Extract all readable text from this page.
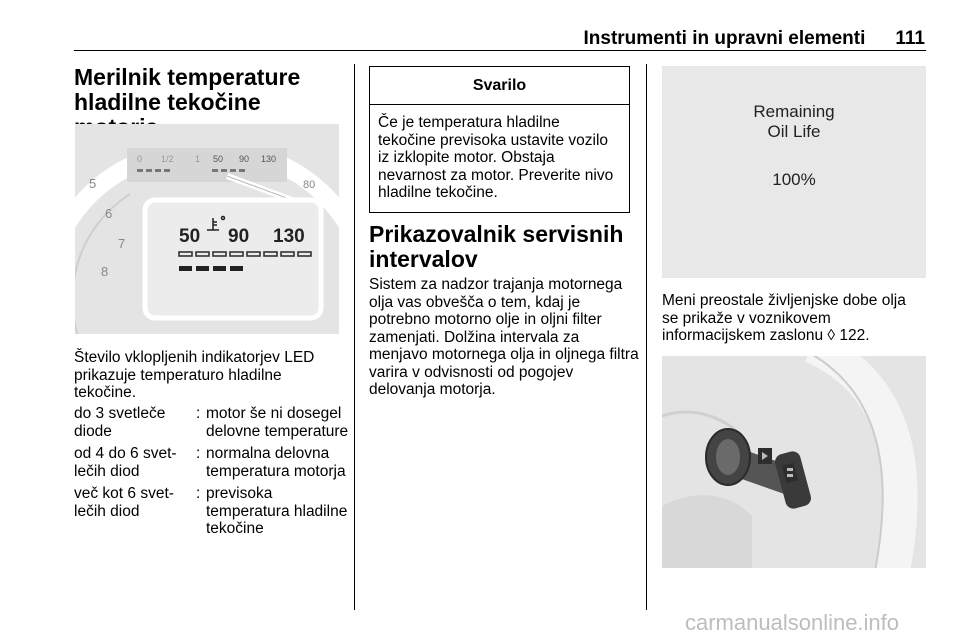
Instrumenti in upravni elementi 111
Merilnik temperature
hladilne tekočine
5
6
7
8
80
0 1/2 1 50 90 130
50 90 130

Število vklopljenih indikatorjev LED prikazuje temperaturo hladilne tekočine.

do 3 svetleče diode	:	motor še ni dosegel delovne temperature
od 4 do 6 svetlečih diod	:	normalna delovna temperatura motorja
več kot 6 svetlečih diod	:	previsoka temperatura hladilne tekočine
Svarilo
Če je temperatura hladilne tekočine previsoka ustavite vozilo iz izklopite motor. Obstaja nevarnost za motor. Preverite nivo hladilne tekočine.
Prikazovalnik servisnih
intervalov

Sistem za nadzor trajanja motornega olja vas obvešča o tem, kdaj je potrebno motorno olje in oljni filter zamenjati. Dolžina intervala za menjavo motornega olja in oljnega filtra varira v odvisnosti od pogojev delovanja motorja.

Remaining
Oil Life
100%

Meni preostale življenjske dobe olja se prikaže v voznikovem informacijskem zaslonu ◊ 122.

carmanualsonline.info
